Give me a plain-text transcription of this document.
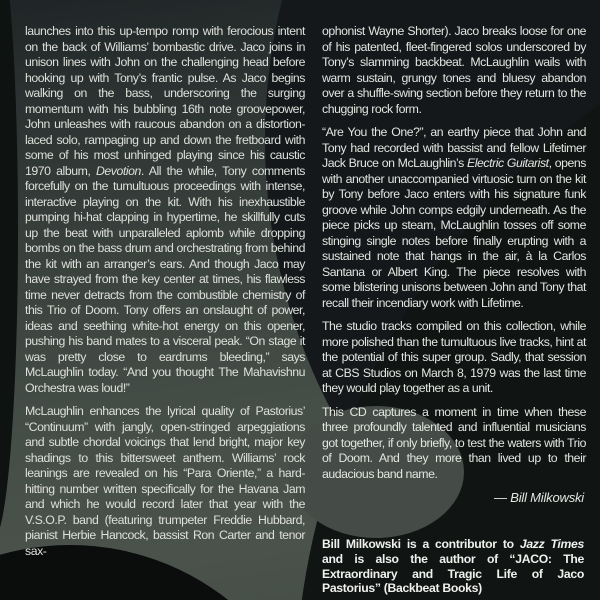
launches into this up-tempo romp with ferocious intent on the back of Williams’ bombastic drive. Jaco joins in unison lines with John on the challenging head before hooking up with Tony’s frantic pulse. As Jaco begins walking on the bass, underscoring the surging momentum with his bubbling 16th note groovepower, John unleashes with raucous abandon on a distortion-laced solo, rampaging up and down the fretboard with some of his most unhinged playing since his caustic 1970 album, Devotion. All the while, Tony comments forcefully on the tumultuous proceedings with intense, interactive playing on the kit. With his inexhaustible pumping hi-hat clapping in hypertime, he skillfully cuts up the beat with unparalleled aplomb while dropping bombs on the bass drum and orchestrating from behind the kit with an arranger’s ears. And though Jaco may have strayed from the key center at times, his flawless time never detracts from the combustible chemistry of this Trio of Doom. Tony offers an onslaught of power, ideas and seething white-hot energy on this opener, pushing his band mates to a visceral peak. “On stage it was pretty close to eardrums bleeding,” says McLaughlin today. “And you thought The Mahavishnu Orchestra was loud!”

McLaughlin enhances the lyrical quality of Pastorius’ “Continuum” with jangly, open-stringed arpeggiations and subtle chordal voicings that lend bright, major key shadings to this bittersweet anthem. Williams’ rock leanings are revealed on his “Para Oriente,” a hard-hitting number written specifically for the Havana Jam and which he would record later that year with the V.S.O.P. band (featuring trumpeter Freddie Hubbard, pianist Herbie Hancock, bassist Ron Carter and tenor sax-

ophonist Wayne Shorter). Jaco breaks loose for one of his patented, fleet-fingered solos underscored by Tony’s slamming backbeat. McLaughlin wails with warm sustain, grungy tones and bluesy abandon over a shuffle-swing section before they return to the chugging rock form.

“Are You the One?”, an earthy piece that John and Tony had recorded with bassist and fellow Lifetimer Jack Bruce on McLaughlin’s Electric Guitarist, opens with another unaccompanied virtuosic turn on the kit by Tony before Jaco enters with his signature funk groove while John comps edgily underneath. As the piece picks up steam, McLaughlin tosses off some stinging single notes before finally erupting with a sustained note that hangs in the air, à la Carlos Santana or Albert King. The piece resolves with some blistering unisons between John and Tony that recall their incendiary work with Lifetime.

The studio tracks compiled on this collection, while more polished than the tumultuous live tracks, hint at the potential of this super group. Sadly, that session at CBS Studios on March 8, 1979 was the last time they would play together as a unit.

This CD captures a moment in time when these three profoundly talented and influential musicians got together, if only briefly, to test the waters with Trio of Doom. And they more than lived up to their audacious band name.

— Bill Milkowski
Bill Milkowski is a contributor to Jazz Times and is also the author of “JACO: The Extraordinary and Tragic Life of Jaco Pastorius” (Backbeat Books)
